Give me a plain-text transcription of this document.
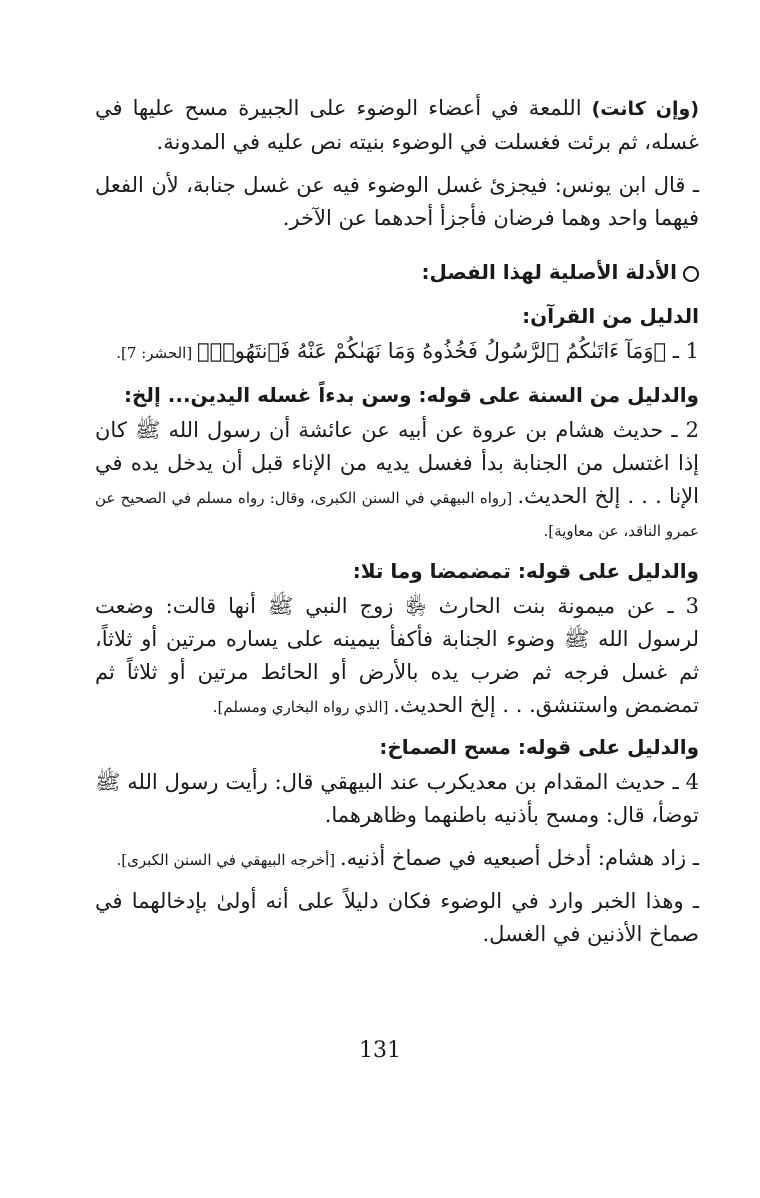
(وإن كانت) اللمعة في أعضاء الوضوء على الجبيرة مسح عليها في غسله، ثم برئت فغسلت في الوضوء بنيته نص عليه في المدونة.

ـ قال ابن يونس: فيجزئ غسل الوضوء فيه عن غسل جنابة، لأن الفعل فيهما واحد وهما فرضان فأجزأ أحدهما عن الآخر.

الأدلة الأصلية لهذا الفصل:
الدليل من القرآن:

1 ـ ﴿وَمَآ ءَاتَىٰكُمُ ٱلرَّسُولُ فَخُذُوهُ وَمَا نَهَىٰكُمْ عَنْهُ فَٱنتَهُوا۟﴾ [الحشر: 7].

والدليل من السنة على قوله: وسن بدءاً غسله اليدين... إلخ:

2 ـ حديث هشام بن عروة عن أبيه عن عائشة أن رسول الله ﷺ كان إذا اغتسل من الجنابة بدأ فغسل يديه من الإناء قبل أن يدخل يده في الإنا . . . إلخ الحديث. [رواه البيهقي في السنن الكبرى، وقال: رواه مسلم في الصحيح عن عمرو الناقد، عن معاوية].

والدليل على قوله: تمضمضا وما تلا:

3 ـ عن ميمونة بنت الحارث ﵂ زوج النبي ﷺ أنها قالت: وضعت لرسول الله ﷺ وضوء الجنابة فأكفأ بيمينه على يساره مرتين أو ثلاثاً، ثم غسل فرجه ثم ضرب يده بالأرض أو الحائط مرتين أو ثلاثاً ثم تمضمض واستنشق. . . إلخ الحديث. [الذي رواه البخاري ومسلم].

والدليل على قوله: مسح الصماخ:

4 ـ حديث المقدام بن معديكرب عند البيهقي قال: رأيت رسول الله ﷺ توضأ، قال: ومسح بأذنيه باطنهما وظاهرهما.

ـ زاد هشام: أدخل أصبعيه في صماخ أذنيه. [أخرجه البيهقي في السنن الكبرى].

ـ وهذا الخبر وارد في الوضوء فكان دليلاً على أنه أولىٰ بإدخالهما في صماخ الأذنين في الغسل.

131
